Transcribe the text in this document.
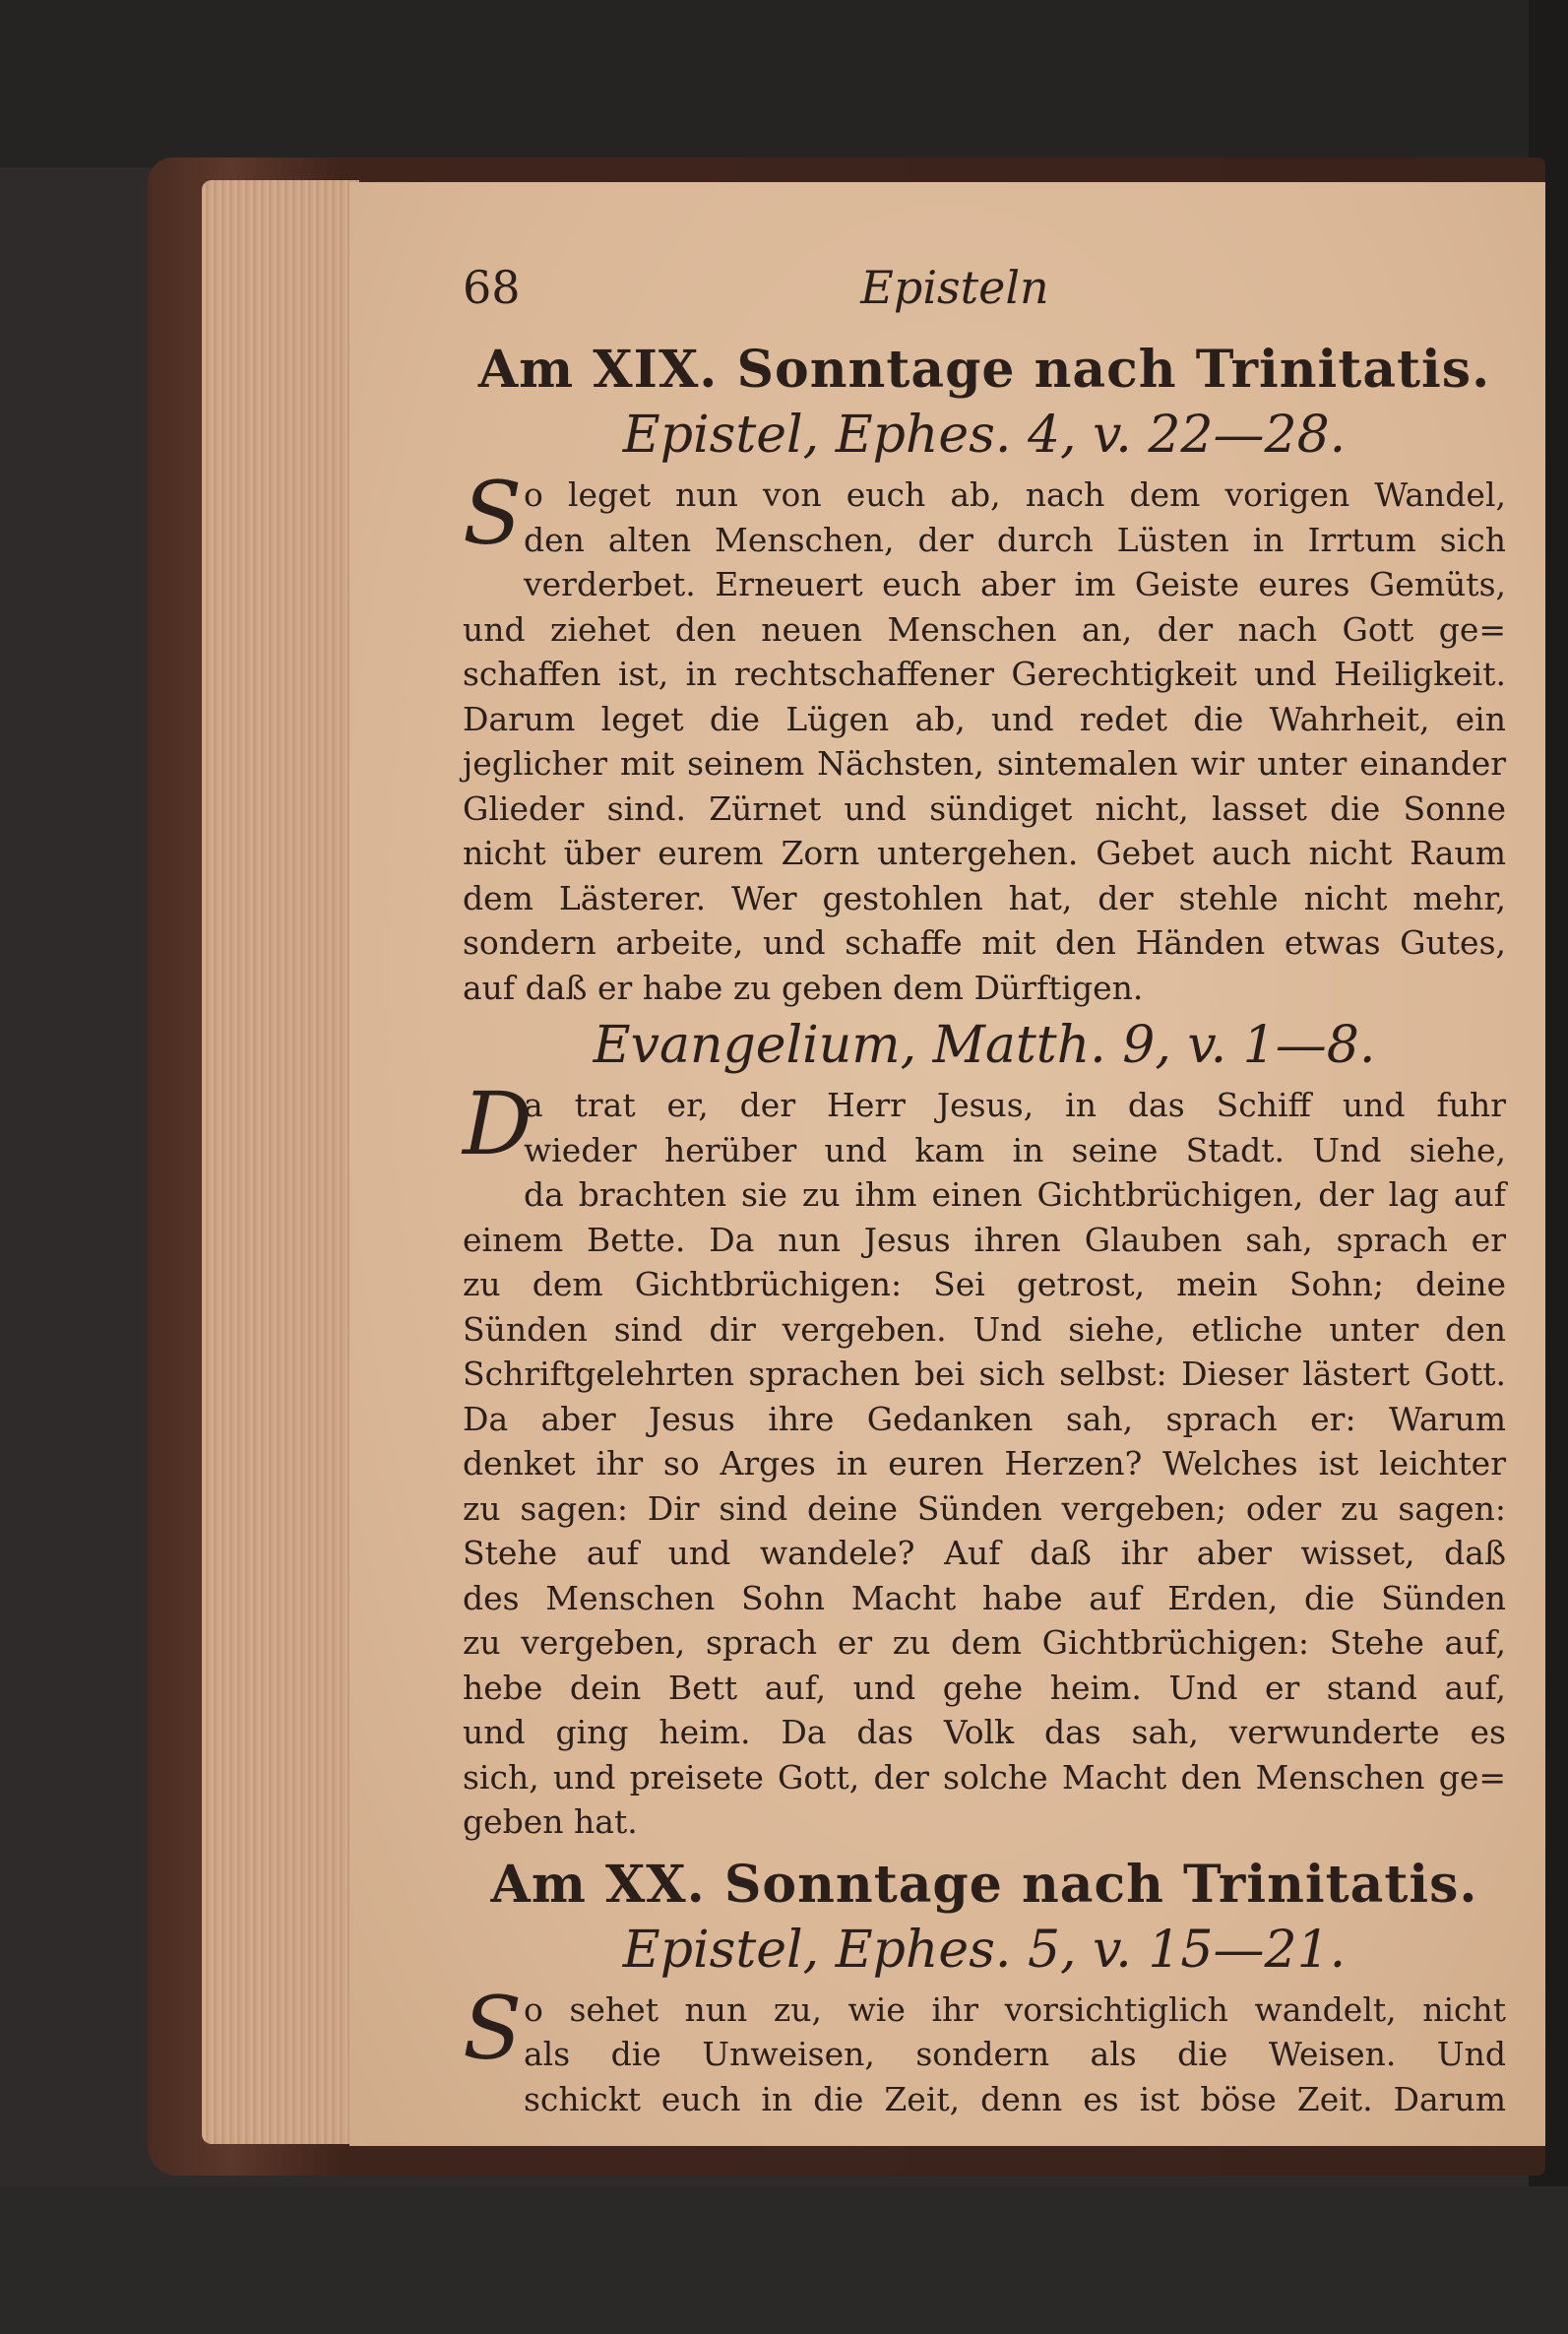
68	Episteln
Am XIX. Sonntage nach Trinitatis.
Epistel, Ephes. 4, v. 22—28.
S o leget nun von euch ab, nach dem vorigen Wandel,
den alten Menschen, der durch Lüsten in Irrtum sich
verderbet. Erneuert euch aber im Geiste eures Gemüts,
und ziehet den neuen Menschen an, der nach Gott ge=
schaffen ist, in rechtschaffener Gerechtigkeit und Heiligkeit.
Darum leget die Lügen ab, und redet die Wahrheit, ein
jeglicher mit seinem Nächsten, sintemalen wir unter einander
Glieder sind. Zürnet und sündiget nicht, lasset die Sonne
nicht über eurem Zorn untergehen. Gebet auch nicht Raum
dem Lästerer. Wer gestohlen hat, der stehle nicht mehr,
sondern arbeite, und schaffe mit den Händen etwas Gutes,
auf daß er habe zu geben dem Dürftigen.
Evangelium, Matth. 9, v. 1—8.
D
a trat er, der Herr Jesus, in das Schiff und fuhr
wieder herüber und kam in seine Stadt. Und siehe,
da brachten sie zu ihm einen Gichtbrüchigen, der lag auf
einem Bette. Da nun Jesus ihren Glauben sah, sprach er
zu dem Gichtbrüchigen: Sei getrost, mein Sohn; deine
Sünden sind dir vergeben. Und siehe, etliche unter den
Schriftgelehrten sprachen bei sich selbst: Dieser lästert Gott.
Da aber Jesus ihre Gedanken sah, sprach er: Warum
denket ihr so Arges in euren Herzen? Welches ist leichter
zu sagen: Dir sind deine Sünden vergeben; oder zu sagen:
Stehe auf und wandele? Auf daß ihr aber wisset, daß
des Menschen Sohn Macht habe auf Erden, die Sünden
zu vergeben, sprach er zu dem Gichtbrüchigen: Stehe auf,
hebe dein Bett auf, und gehe heim. Und er stand auf,
und ging heim. Da das Volk das sah, verwunderte es
sich, und preisete Gott, der solche Macht den Menschen ge=
geben hat.
Am XX. Sonntage nach Trinitatis.
Epistel, Ephes. 5, v. 15—21.
S o sehet nun zu, wie ihr vorsichtiglich wandelt, nicht
als die Unweisen, sondern als die Weisen. Und
schickt euch in die Zeit, denn es ist böse Zeit. Darum
